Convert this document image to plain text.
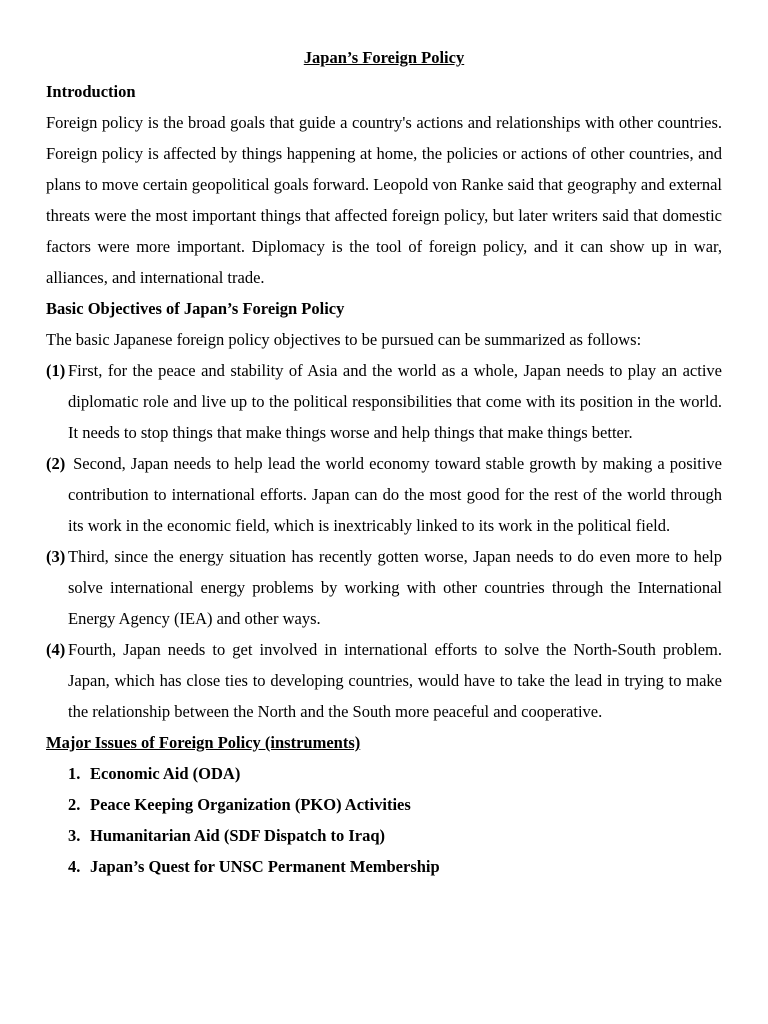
Japan’s Foreign Policy
Introduction

Foreign policy is the broad goals that guide a country's actions and relationships with other countries. Foreign policy is affected by things happening at home, the policies or actions of other countries, and plans to move certain geopolitical goals forward. Leopold von Ranke said that geography and external threats were the most important things that affected foreign policy, but later writers said that domestic factors were more important. Diplomacy is the tool of foreign policy, and it can show up in war, alliances, and international trade.

Basic Objectives of Japan’s Foreign Policy

The basic Japanese foreign policy objectives to be pursued can be summarized as follows:

(1) First, for the peace and stability of Asia and the world as a whole, Japan needs to play an active diplomatic role and live up to the political responsibilities that come with its position in the world. It needs to stop things that make things worse and help things that make things better.
(2) Second, Japan needs to help lead the world economy toward stable growth by making a positive contribution to international efforts. Japan can do the most good for the rest of the world through its work in the economic field, which is inextricably linked to its work in the political field.
(3) Third, since the energy situation has recently gotten worse, Japan needs to do even more to help solve international energy problems by working with other countries through the International Energy Agency (IEA) and other ways.
(4) Fourth, Japan needs to get involved in international efforts to solve the North-South problem. Japan, which has close ties to developing countries, would have to take the lead in trying to make the relationship between the North and the South more peaceful and cooperative.
Major Issues of Foreign Policy (instruments)
1. Economic Aid (ODA)
2. Peace Keeping Organization (PKO) Activities
3. Humanitarian Aid (SDF Dispatch to Iraq)
4. Japan’s Quest for UNSC Permanent Membership
